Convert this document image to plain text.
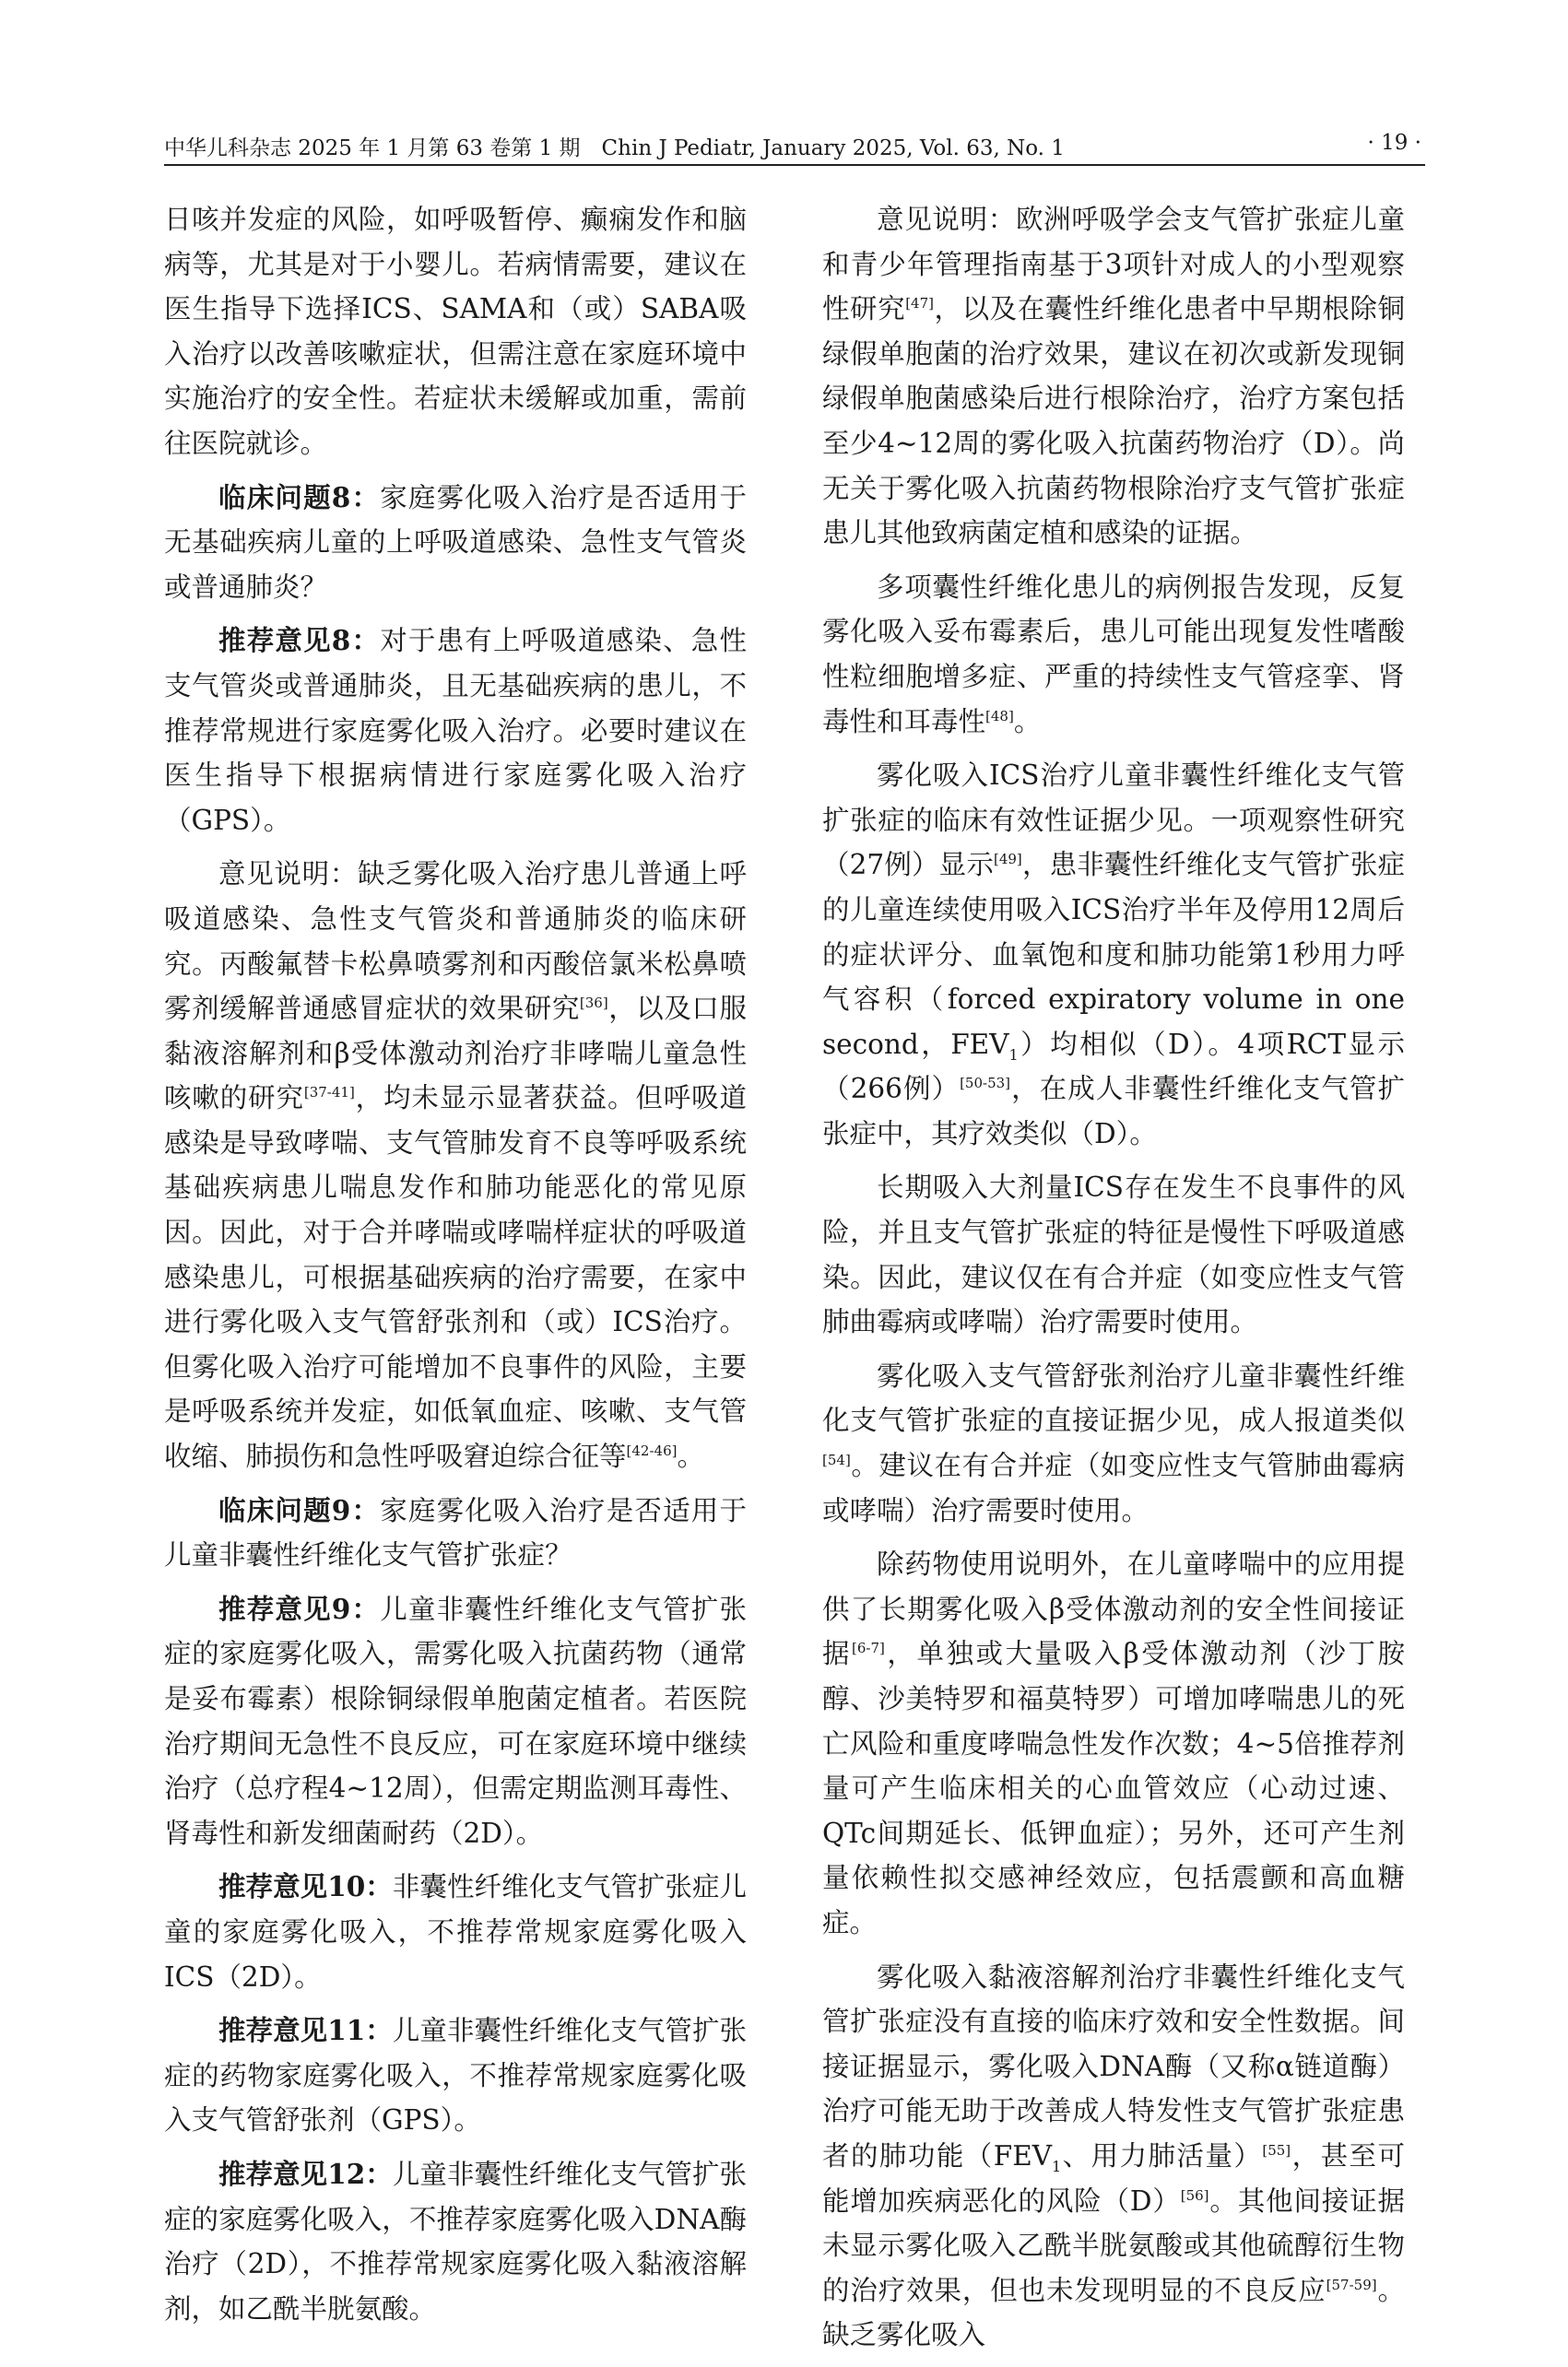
中华儿科杂志 2025 年 1 月第 63 卷第 1 期　Chin J Pediatr, January 2025, Vol. 63, No. 1	· 19 ·

日咳并发症的风险，如呼吸暂停、癫痫发作和脑病等，尤其是对于小婴儿。若病情需要，建议在医生指导下选择ICS、SAMA和（或）SABA吸入治疗以改善咳嗽症状，但需注意在家庭环境中实施治疗的安全性。若症状未缓解或加重，需前往医院就诊。

临床问题8：家庭雾化吸入治疗是否适用于无基础疾病儿童的上呼吸道感染、急性支气管炎或普通肺炎？

推荐意见8：对于患有上呼吸道感染、急性支气管炎或普通肺炎，且无基础疾病的患儿，不推荐常规进行家庭雾化吸入治疗。必要时建议在医生指导下根据病情进行家庭雾化吸入治疗（GPS）。

意见说明：缺乏雾化吸入治疗患儿普通上呼吸道感染、急性支气管炎和普通肺炎的临床研究。丙酸氟替卡松鼻喷雾剂和丙酸倍氯米松鼻喷雾剂缓解普通感冒症状的效果研究[36]，以及口服黏液溶解剂和β受体激动剂治疗非哮喘儿童急性咳嗽的研究[37-41]，均未显示显著获益。但呼吸道感染是导致哮喘、支气管肺发育不良等呼吸系统基础疾病患儿喘息发作和肺功能恶化的常见原因。因此，对于合并哮喘或哮喘样症状的呼吸道感染患儿，可根据基础疾病的治疗需要，在家中进行雾化吸入支气管舒张剂和（或）ICS治疗。但雾化吸入治疗可能增加不良事件的风险，主要是呼吸系统并发症，如低氧血症、咳嗽、支气管收缩、肺损伤和急性呼吸窘迫综合征等[42-46]。

临床问题9：家庭雾化吸入治疗是否适用于儿童非囊性纤维化支气管扩张症？

推荐意见9：儿童非囊性纤维化支气管扩张症的家庭雾化吸入，需雾化吸入抗菌药物（通常是妥布霉素）根除铜绿假单胞菌定植者。若医院治疗期间无急性不良反应，可在家庭环境中继续治疗（总疗程4~12周），但需定期监测耳毒性、肾毒性和新发细菌耐药（2D）。

推荐意见10：非囊性纤维化支气管扩张症儿童的家庭雾化吸入，不推荐常规家庭雾化吸入ICS（2D）。

推荐意见11：儿童非囊性纤维化支气管扩张症的药物家庭雾化吸入，不推荐常规家庭雾化吸入支气管舒张剂（GPS）。

推荐意见12：儿童非囊性纤维化支气管扩张症的家庭雾化吸入，不推荐家庭雾化吸入DNA酶治疗（2D），不推荐常规家庭雾化吸入黏液溶解剂，如乙酰半胱氨酸。

意见说明：欧洲呼吸学会支气管扩张症儿童和青少年管理指南基于3项针对成人的小型观察性研究[47]，以及在囊性纤维化患者中早期根除铜绿假单胞菌的治疗效果，建议在初次或新发现铜绿假单胞菌感染后进行根除治疗，治疗方案包括至少4~12周的雾化吸入抗菌药物治疗（D）。尚无关于雾化吸入抗菌药物根除治疗支气管扩张症患儿其他致病菌定植和感染的证据。

多项囊性纤维化患儿的病例报告发现，反复雾化吸入妥布霉素后，患儿可能出现复发性嗜酸性粒细胞增多症、严重的持续性支气管痉挛、肾毒性和耳毒性[48]。

雾化吸入ICS治疗儿童非囊性纤维化支气管扩张症的临床有效性证据少见。一项观察性研究（27例）显示[49]，患非囊性纤维化支气管扩张症的儿童连续使用吸入ICS治疗半年及停用12周后的症状评分、血氧饱和度和肺功能第1秒用力呼气容积（forced expiratory volume in one second，$FEV_1$）均相似（D）。4项RCT显示（266例）[50-53]，在成人非囊性纤维化支气管扩张症中，其疗效类似（D）。

长期吸入大剂量ICS存在发生不良事件的风险，并且支气管扩张症的特征是慢性下呼吸道感染。因此，建议仅在有合并症（如变应性支气管肺曲霉病或哮喘）治疗需要时使用。

雾化吸入支气管舒张剂治疗儿童非囊性纤维化支气管扩张症的直接证据少见，成人报道类似[54]。建议在有合并症（如变应性支气管肺曲霉病或哮喘）治疗需要时使用。

除药物使用说明外，在儿童哮喘中的应用提供了长期雾化吸入β受体激动剂的安全性间接证据[6-7]，单独或大量吸入β受体激动剂（沙丁胺醇、沙美特罗和福莫特罗）可增加哮喘患儿的死亡风险和重度哮喘急性发作次数；4~5倍推荐剂量可产生临床相关的心血管效应（心动过速、QTc间期延长、低钾血症）；另外，还可产生剂量依赖性拟交感神经效应，包括震颤和高血糖症。

雾化吸入黏液溶解剂治疗非囊性纤维化支气管扩张症没有直接的临床疗效和安全性数据。间接证据显示，雾化吸入DNA酶（又称α链道酶）治疗可能无助于改善成人特发性支气管扩张症患者的肺功能（$FEV_1$、用力肺活量）[55]，甚至可能增加疾病恶化的风险（D）[56]。其他间接证据未显示雾化吸入乙酰半胱氨酸或其他硫醇衍生物的治疗效果，但也未发现明显的不良反应[57-59]。缺乏雾化吸入
